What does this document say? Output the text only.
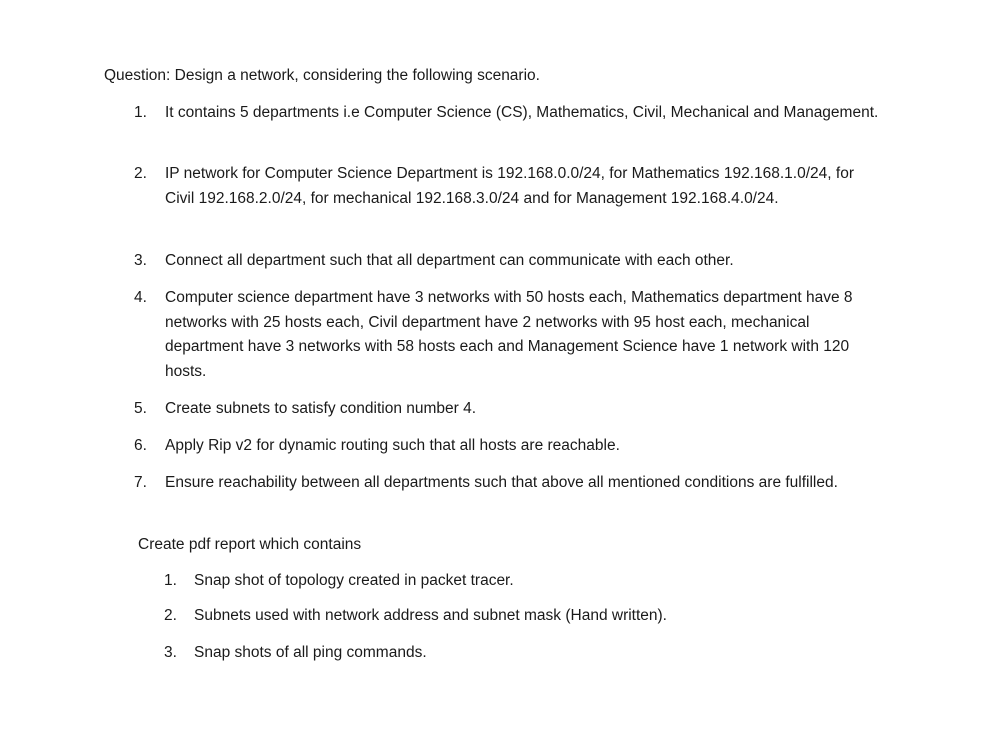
Question: Design a network, considering the following scenario.
1.	It contains 5 departments i.e Computer Science (CS), Mathematics, Civil, Mechanical and Management.
2.	IP network for Computer Science Department is 192.168.0.0/24, for Mathematics 192.168.1.0/24, for Civil 192.168.2.0/24, for mechanical 192.168.3.0/24 and for Management 192.168.4.0/24.
3.	Connect all department such that all department can communicate with each other.
4.	Computer science department have 3 networks with 50 hosts each, Mathematics department have 8 networks with 25 hosts each, Civil department have 2 networks with 95 host each, mechanical department have 3 networks with 58 hosts each and Management Science have 1 network with 120 hosts.
5.	Create subnets to satisfy condition number 4.
6.	Apply Rip v2 for dynamic routing such that all hosts are reachable.
7.	Ensure reachability between all departments such that above all mentioned conditions are fulfilled.
Create pdf report which contains
1.	Snap shot of topology created in packet tracer.
2.	Subnets used with network address and subnet mask (Hand written).
3.	Snap shots of all ping commands.
